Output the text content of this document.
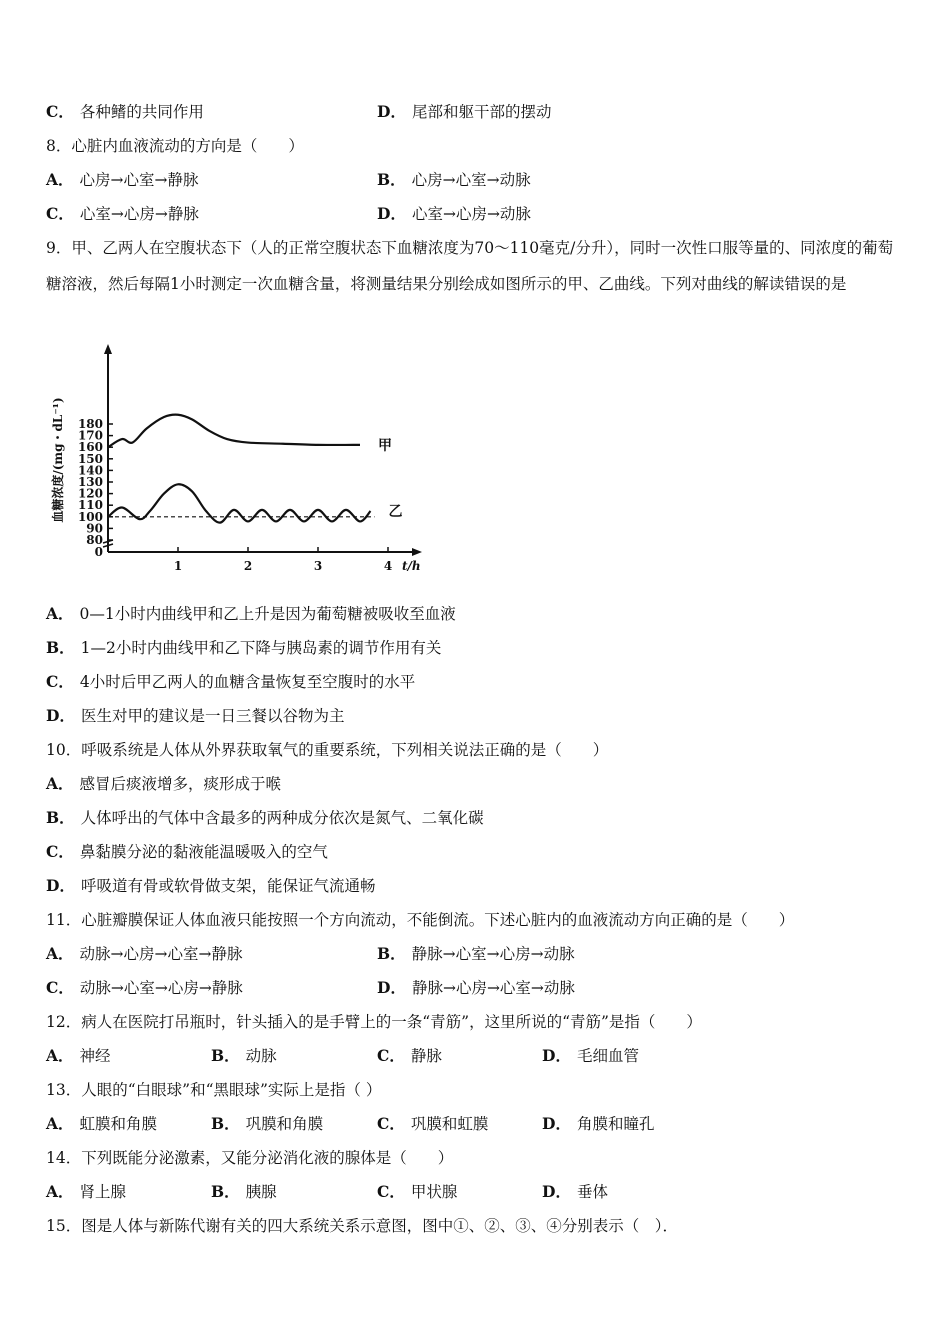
C． 各种鳍的共同作用	D． 尾部和躯干部的摆动
8．心脏内血液流动的方向是（　　）
A． 心房→心室→静脉	B． 心房→心室→动脉
C． 心室→心房→静脉	D． 心室→心房→动脉
9．甲、乙两人在空腹状态下（人的正常空腹状态下血糖浓度为70～110毫克/分升），同时一次性口服等量的、同浓度的葡萄糖溶液，然后每隔1小时测定一次血糖含量，将测量结果分别绘成如图所示的甲、乙曲线。下列对曲线的解读错误的是
0
80
90
100
110
120
130
140
150
160
170
180
1	2	3	4
甲
乙
t/h
血糖浓度/(mg・dL⁻¹)
A． 0—1小时内曲线甲和乙上升是因为葡萄糖被吸收至血液
B． 1—2小时内曲线甲和乙下降与胰岛素的调节作用有关
C． 4小时后甲乙两人的血糖含量恢复至空腹时的水平
D． 医生对甲的建议是一日三餐以谷物为主
10．呼吸系统是人体从外界获取氧气的重要系统，下列相关说法正确的是（　　）
A． 感冒后痰液增多，痰形成于喉
B． 人体呼出的气体中含最多的两种成分依次是氮气、二氧化碳
C． 鼻黏膜分泌的黏液能温暖吸入的空气
D． 呼吸道有骨或软骨做支架，能保证气流通畅
11．心脏瓣膜保证人体血液只能按照一个方向流动，不能倒流。下述心脏内的血液流动方向正确的是（　　）
A． 动脉→心房→心室→静脉	B． 静脉→心室→心房→动脉
C． 动脉→心室→心房→静脉	D． 静脉→心房→心室→动脉
12．病人在医院打吊瓶时，针头插入的是手臂上的一条“青筋”，这里所说的“青筋”是指（　　）
A． 神经	B． 动脉	C． 静脉	D． 毛细血管
13．人眼的“白眼球”和“黑眼球”实际上是指（ ）
A． 虹膜和角膜	B． 巩膜和角膜	C． 巩膜和虹膜	D． 角膜和瞳孔
14．下列既能分泌激素，又能分泌消化液的腺体是（　　）
A． 肾上腺	B． 胰腺	C． 甲状腺	D． 垂体
15．图是人体与新陈代谢有关的四大系统关系示意图，图中①、②、③、④分别表示（　）．
